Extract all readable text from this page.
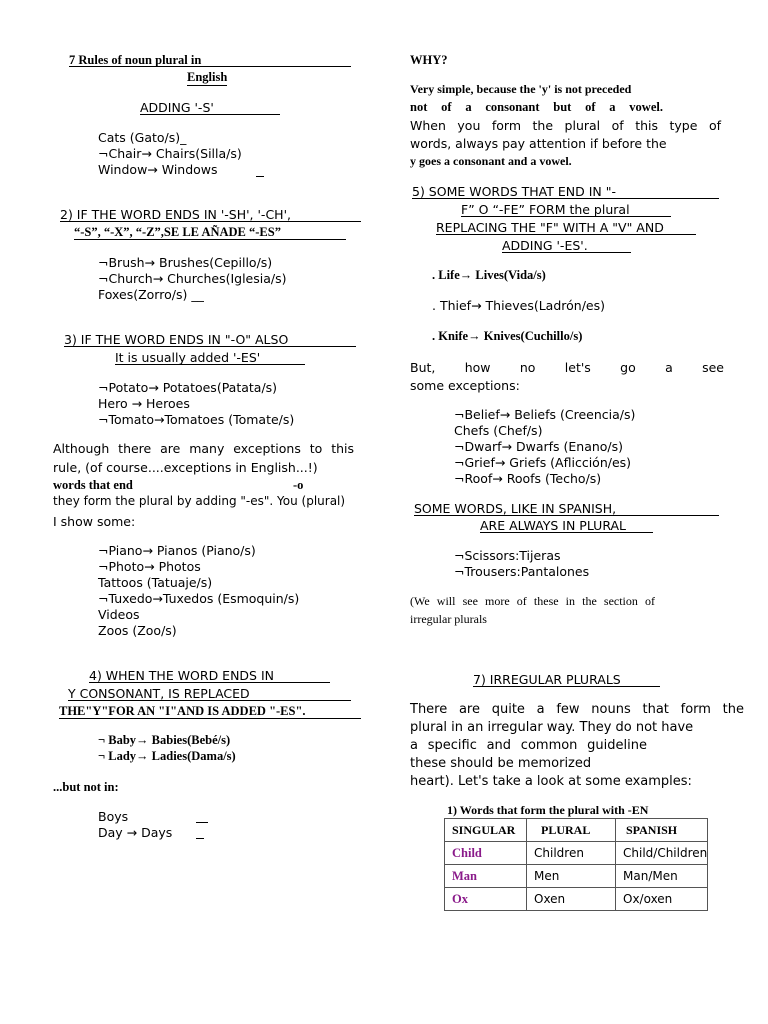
7 Rules of noun plural in
English
ADDING '-S'
Cats (Gato/s)_
¬Chair→ Chairs(Silla/s)
Window→ Windows
2) IF THE WORD ENDS IN '-SH', '-CH',
“-S”, “-X”, “-Z”,SE LE AÑADE “-ES”
¬Brush→ Brushes(Cepillo/s)
¬Church→ Churches(Iglesia/s)
Foxes(Zorro/s) __
3) IF THE WORD ENDS IN "-O" ALSO
It is usually added '-ES'
¬Potato→ Potatoes(Patata/s)
Hero → Heroes
¬Tomato→Tomatoes (Tomate/s)
Although there are many exceptions to this
rule, (of course....exceptions in English...!)
words that end	-o
they form the plural by adding "-es". You (plural)
I show some:
¬Piano→ Pianos (Piano/s)
¬Photo→ Photos
Tattoos (Tatuaje/s)
¬Tuxedo→Tuxedos (Esmoquin/s)
Videos
Zoos (Zoo/s)
4) WHEN THE WORD ENDS IN
Y CONSONANT, IS REPLACED
THE"Y"FOR AN "I"AND IS ADDED "-ES".
¬ Baby→ Babies(Bebé/s)
¬ Lady→ Ladies(Dama/s)
...but not in:
Boys
Day → Days
WHY?
Very simple, because the 'y' is not preceded
not of a consonant but of a vowel.
When you form the plural of this type of
words, always pay attention if before the
y goes a consonant and a vowel.
5) SOME WORDS THAT END IN "-
F” O “-FE” FORM the plural
REPLACING THE "F" WITH A "V" AND
ADDING '-ES'.
. Life→ Lives(Vida/s)
. Thief→ Thieves(Ladrón/es)
. Knife→ Knives(Cuchillo/s)
But, how no let's go a see
some exceptions:
¬Belief→ Beliefs (Creencia/s)
Chefs (Chef/s)
¬Dwarf→ Dwarfs (Enano/s)
¬Grief→ Griefs (Aflicción/es)
¬Roof→ Roofs (Techo/s)
SOME WORDS, LIKE IN SPANISH,
ARE ALWAYS IN PLURAL
¬Scissors:Tijeras
¬Trousers:Pantalones
(We will see more of these in the section of
irregular plurals
7) IRREGULAR PLURALS
There are quite a few nouns that form the
plural in an irregular way. They do not have
a specific and common guideline
these should be memorized
heart). Let's take a look at some examples:
1) Words that form the plural with -EN
SINGULAR	PLURAL	SPANISH
Child	Children	Child/Children
Man	Men	Man/Men
Ox	Oxen	Ox/oxen
